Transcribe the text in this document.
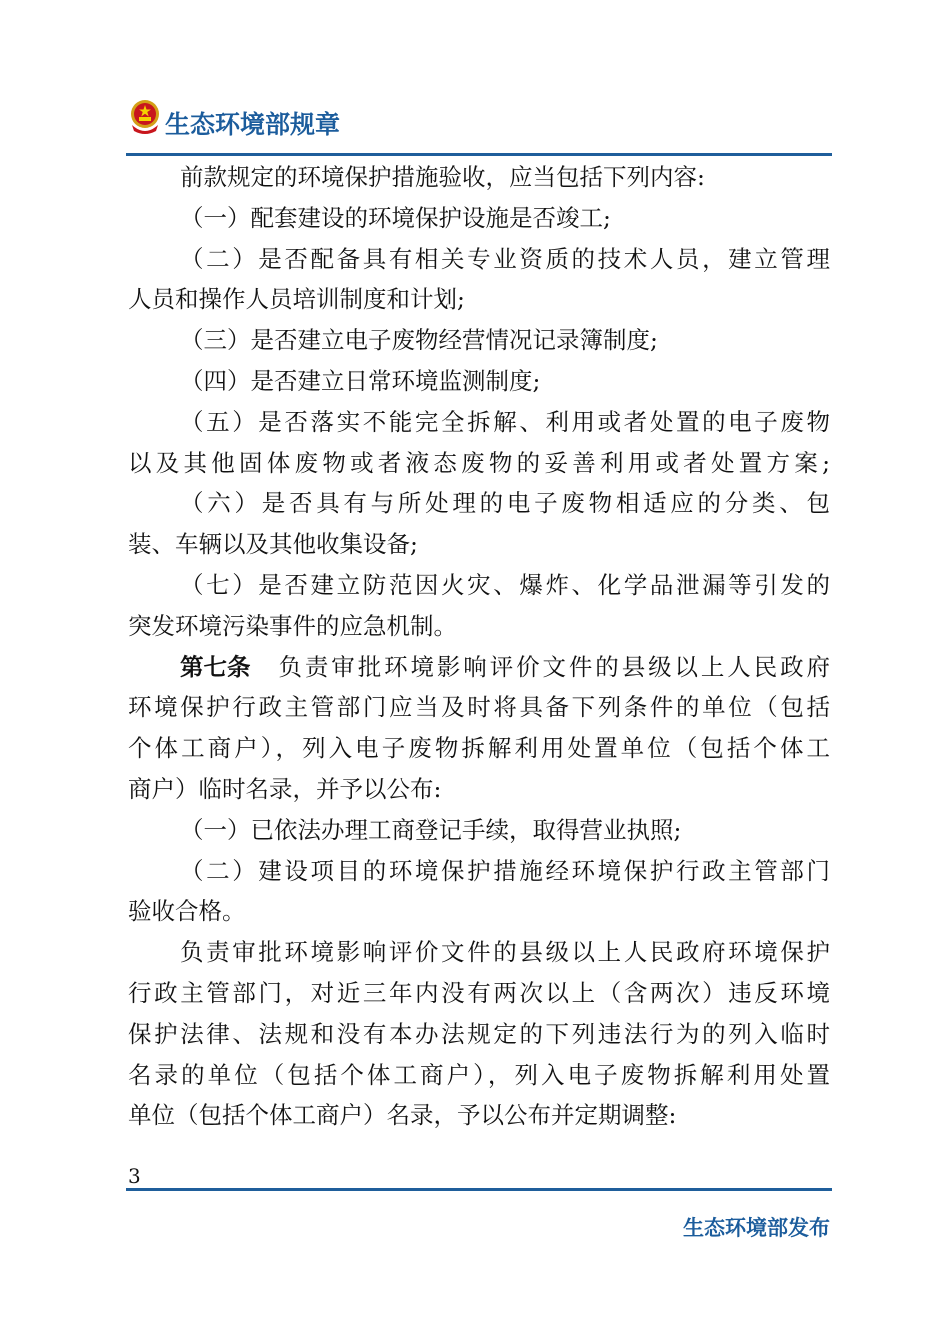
生态环境部规章
前款规定的环境保护措施验收，应当包括下列内容:
（一）配套建设的环境保护设施是否竣工;
（二）是否配备具有相关专业资质的技术人员，建立管理
人员和操作人员培训制度和计划;
（三）是否建立电子废物经营情况记录簿制度;
（四）是否建立日常环境监测制度;
（五）是否落实不能完全拆解、利用或者处置的电子废物
以及其他固体废物或者液态废物的妥善利用或者处置方案;
（六）是否具有与所处理的电子废物相适应的分类、包
装、车辆以及其他收集设备;
（七）是否建立防范因火灾、爆炸、化学品泄漏等引发的
突发环境污染事件的应急机制。
第七条 负责审批环境影响评价文件的县级以上人民政府
环境保护行政主管部门应当及时将具备下列条件的单位（包括
个体工商户），列入电子废物拆解利用处置单位（包括个体工
商户）临时名录，并予以公布:
（一）已依法办理工商登记手续，取得营业执照;
（二）建设项目的环境保护措施经环境保护行政主管部门
验收合格。
负责审批环境影响评价文件的县级以上人民政府环境保护
行政主管部门，对近三年内没有两次以上（含两次）违反环境
保护法律、法规和没有本办法规定的下列违法行为的列入临时
名录的单位（包括个体工商户），列入电子废物拆解利用处置
单位（包括个体工商户）名录，予以公布并定期调整:
3
生态环境部发布
